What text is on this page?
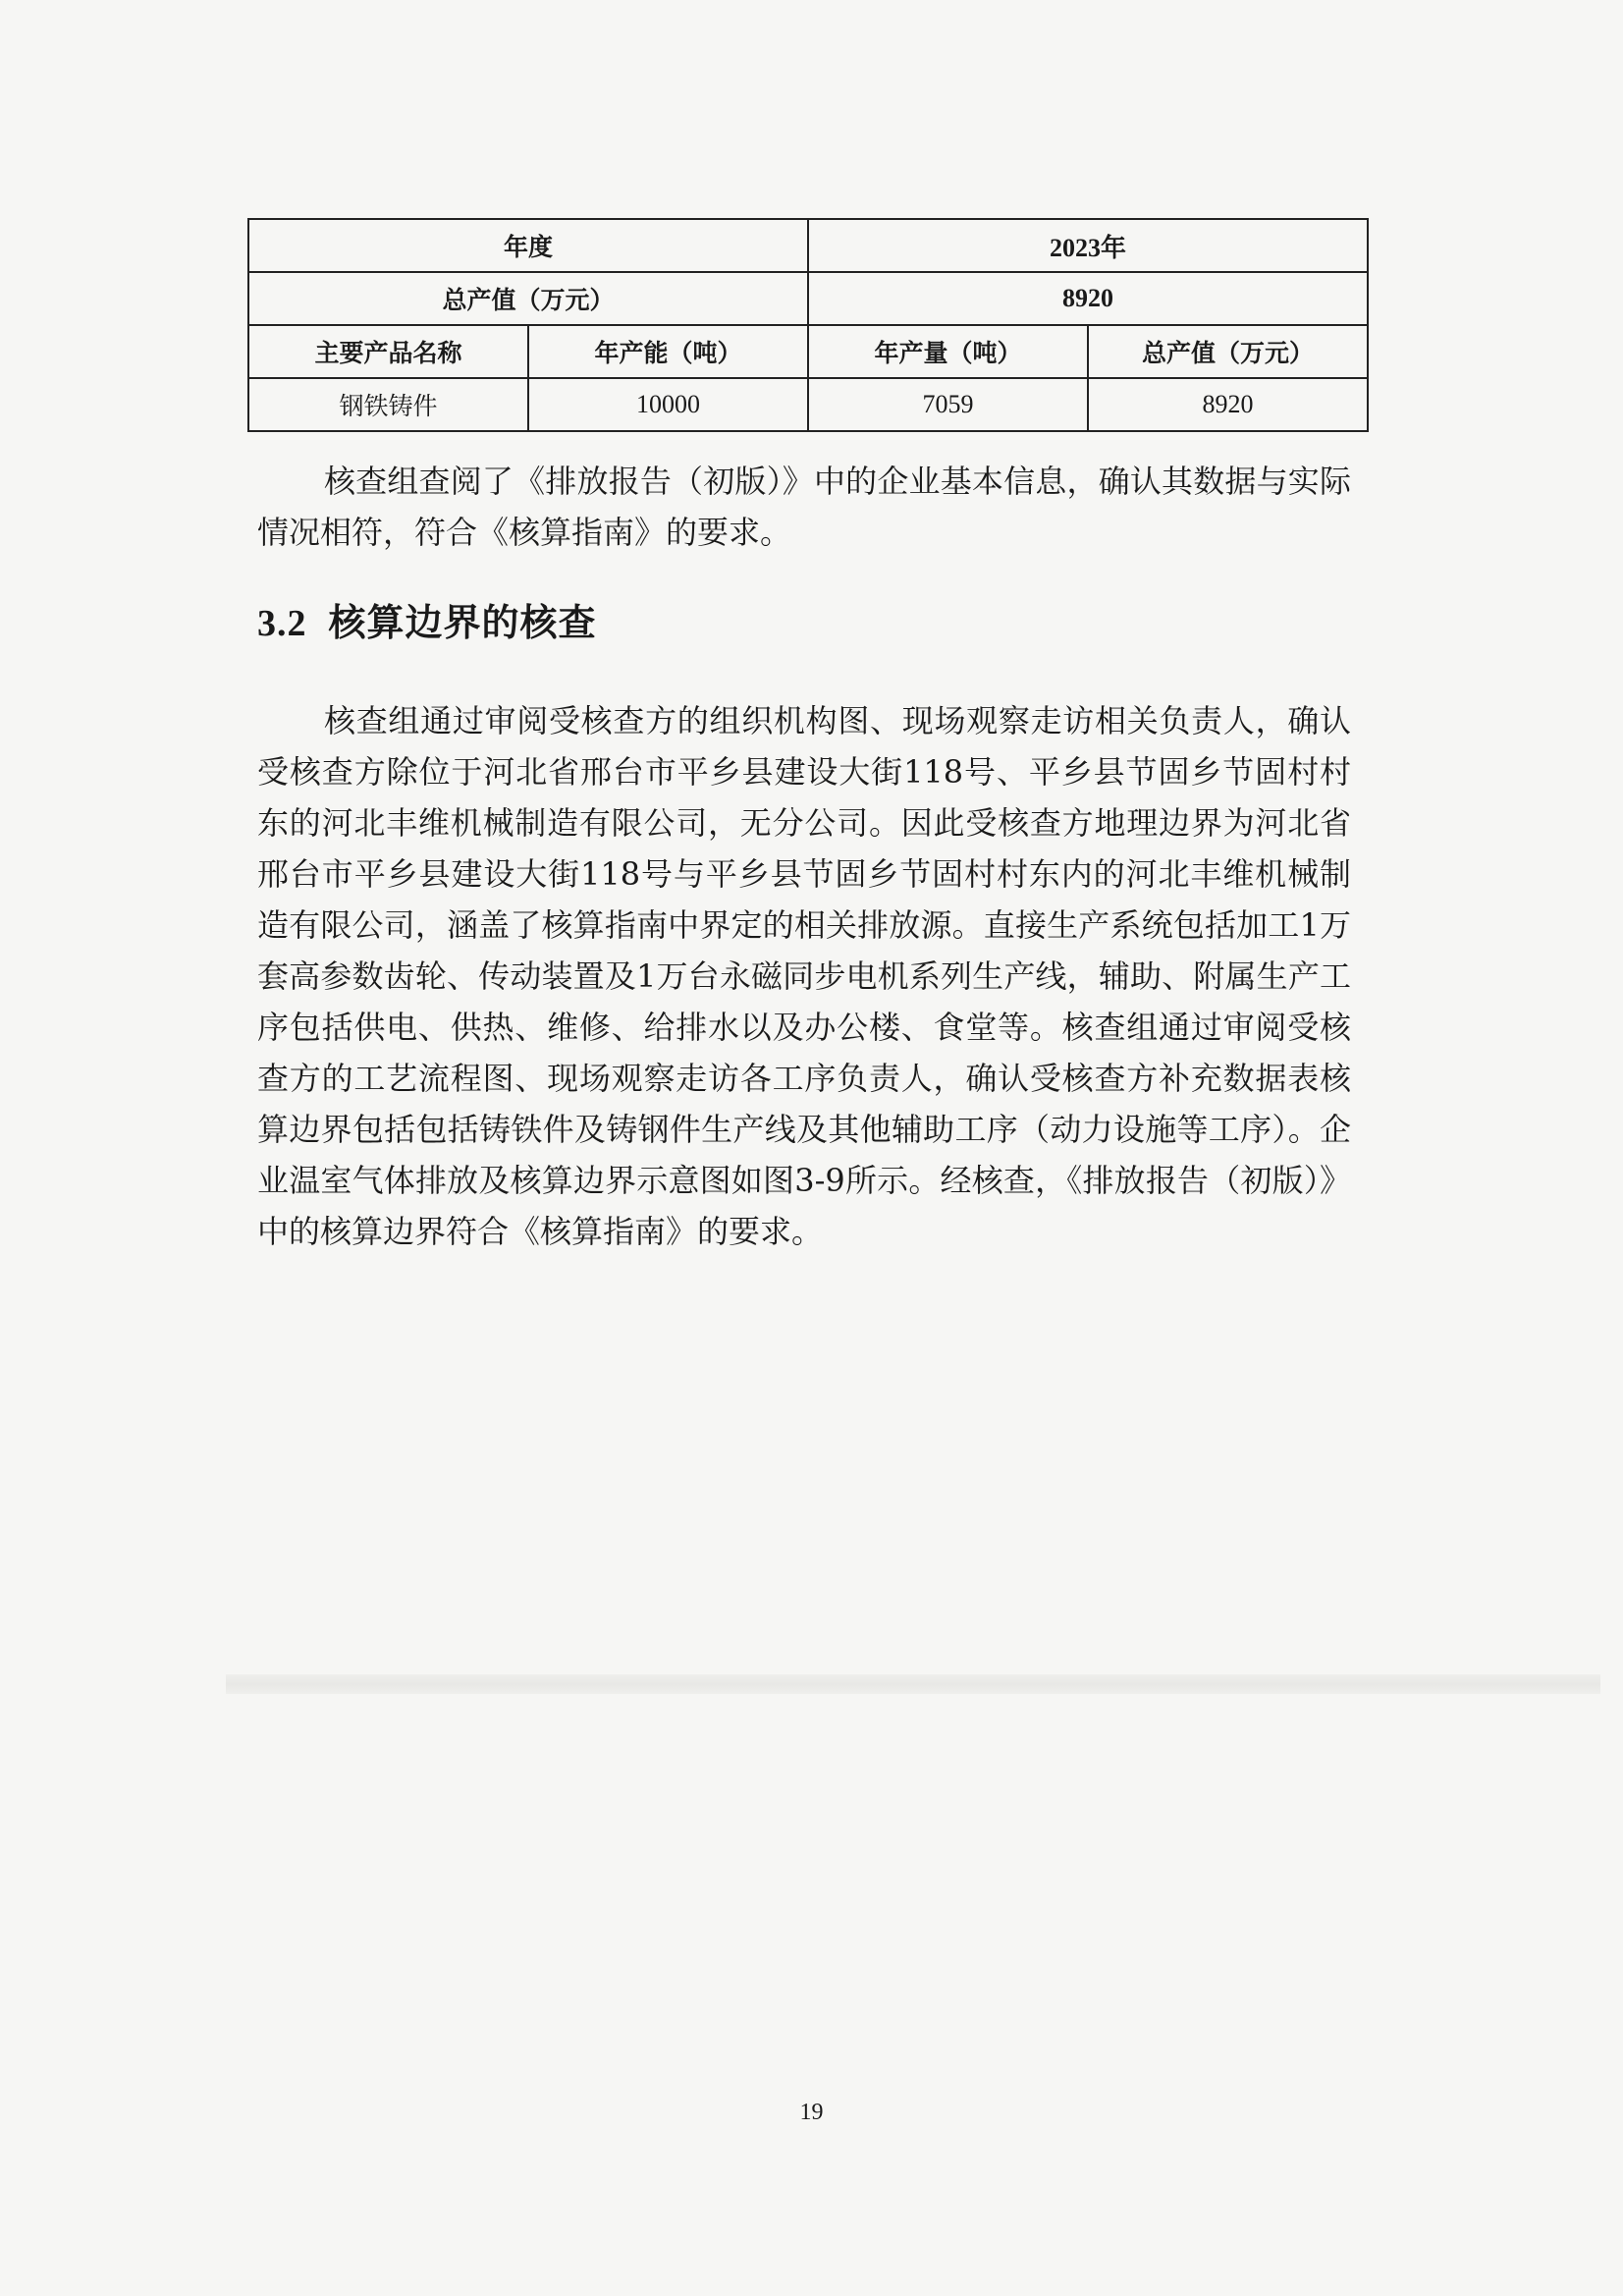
年度		2023年	
总产值（万元）		8920	
主要产品名称	年产能（吨）	年产量（吨）	总产值（万元）
钢铁铸件	10000	7059	8920

核查组查阅了《排放报告（初版）》中的企业基本信息，确认其数据与实际情况相符，符合《核算指南》的要求。

3.2 核算边界的核查

核查组通过审阅受核查方的组织机构图、现场观察走访相关负责人，确认受核查方除位于河北省邢台市平乡县建设大街118号、平乡县节固乡节固村村东的河北丰维机械制造有限公司，无分公司。因此受核查方地理边界为河北省邢台市平乡县建设大街118号与平乡县节固乡节固村村东内的河北丰维机械制造有限公司，涵盖了核算指南中界定的相关排放源。直接生产系统包括加工1万套高参数齿轮、传动装置及1万台永磁同步电机系列生产线，辅助、附属生产工序包括供电、供热、维修、给排水以及办公楼、食堂等。核查组通过审阅受核查方的工艺流程图、现场观察走访各工序负责人，确认受核查方补充数据表核算边界包括包括铸铁件及铸钢件生产线及其他辅助工序（动力设施等工序）。企业温室气体排放及核算边界示意图如图3-9所示。经核查，《排放报告（初版）》中的核算边界符合《核算指南》的要求。

19
